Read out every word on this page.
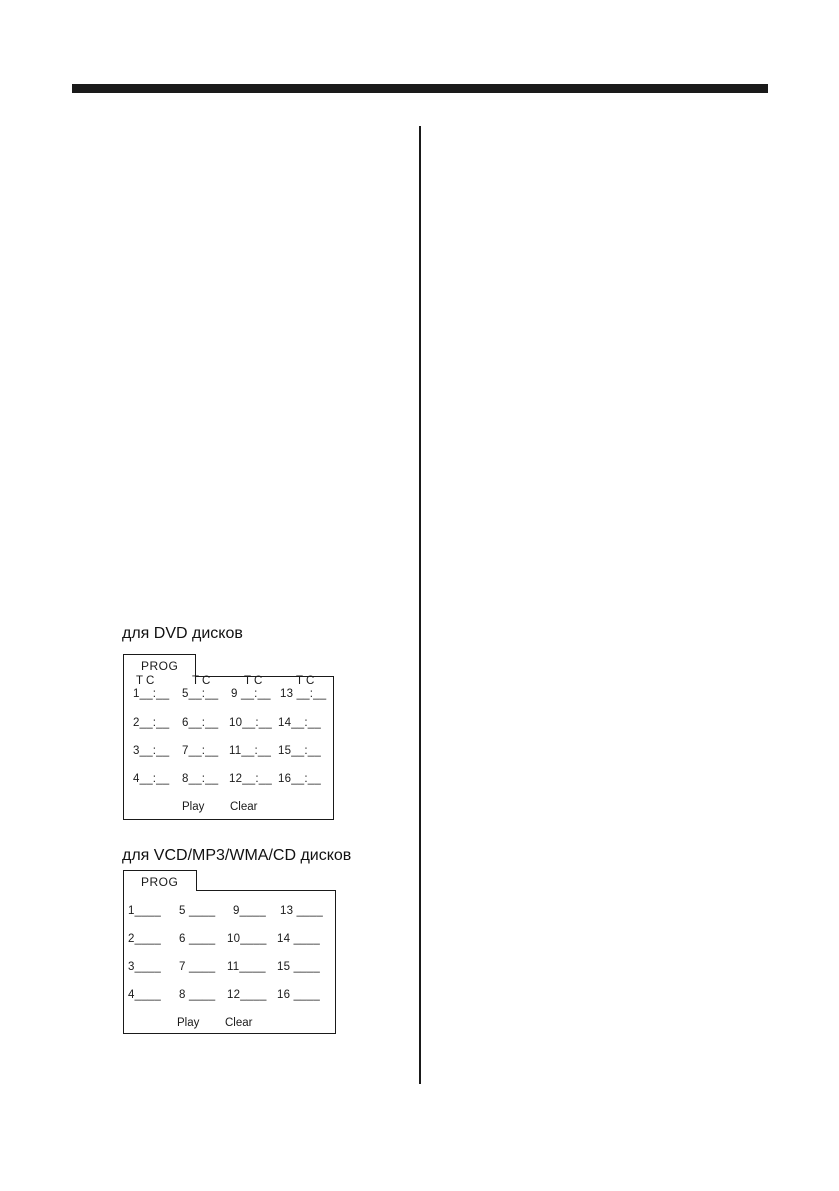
для DVD дисков
PROG
T C	T C	T C	T C
1__:__ 5__:__ 9 __:__ 13 __:__
2__:__ 6__:__ 10__:__ 14__:__
3__:__ 7__:__ 11__:__ 15__:__
4__:__ 8__:__ 12__:__ 16__:__
Play Clear
для VCD/MP3/WMA/CD дисков
PROG
1____ 5 ____ 9____ 13 ____
2____ 6 ____ 10____ 14 ____
3____ 7 ____ 11____ 15 ____
4____ 8 ____ 12____ 16 ____
Play Clear
